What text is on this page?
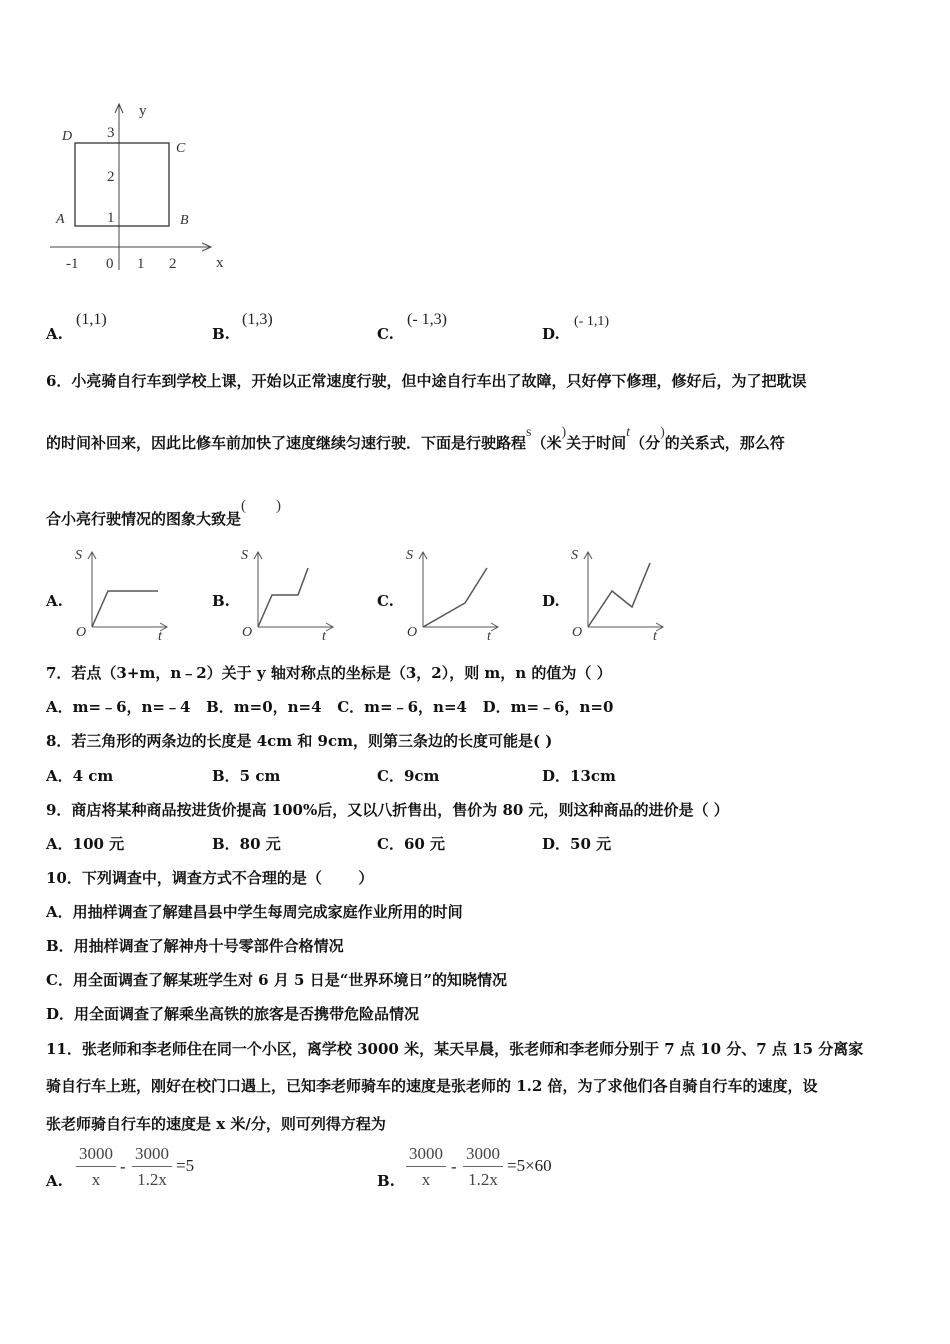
y
x
3
2
1
-1 0 1 2
D
C
A	B
A.
(1,1)
B.
(1,3)
C.
(- 1,3)
D.
(- 1,1)
6．小亮骑自行车到学校上课，开始以正常速度行驶，但中途自行车出了故障，只好停下修理，修好后，为了把耽误
的时间补回来，因此比修车前加快了速度继续匀速行驶．下面是行驶路程s（米)关于时间t（分)的关系式，那么符
合小亮行驶情况的图象大致是(        )
A.
S
O	t
B.
S
O	t
C.
S
O	t
D.
S
O	t
7．若点（3+m，n﹣2）关于 y 轴对称点的坐标是（3，2），则 m，n 的值为（ ）
A．m=﹣6，n=﹣4   B．m=0，n=4   C．m=﹣6，n=4   D．m=﹣6，n=0
8．若三角形的两条边的长度是 4cm 和 9cm，则第三条边的长度可能是( )
A．4 cm	B．5 cm	C．9cm	D．13cm
9．商店将某种商品按进货价提高 100%后，又以八折售出，售价为 80 元，则这种商品的进价是（ ）
A．100 元	B．80 元	C．60 元	D．50 元
10．下列调查中，调查方式不合理的是（       ）
A．用抽样调查了解建昌县中学生每周完成家庭作业所用的时间
B．用抽样调查了解神舟十号零部件合格情况
C．用全面调查了解某班学生对 6 月 5 日是“世界环境日”的知晓情况
D．用全面调查了解乘坐高铁的旅客是否携带危险品情况
11．张老师和李老师住在同一个小区，离学校 3000 米，某天早晨，张老师和李老师分别于 7 点 10 分、7 点 15 分离家
骑自行车上班，刚好在校门口遇上，已知李老师骑车的速度是张老师的 1.2 倍，为了求他们各自骑自行车的速度，设
张老师骑自行车的速度是 x 米/分，则可列得方程为
A. $\frac{3000}{x} - \frac{3000}{1.2x} =5$
B. $\frac{3000}{x} - \frac{3000}{1.2x} =5\times 60$
